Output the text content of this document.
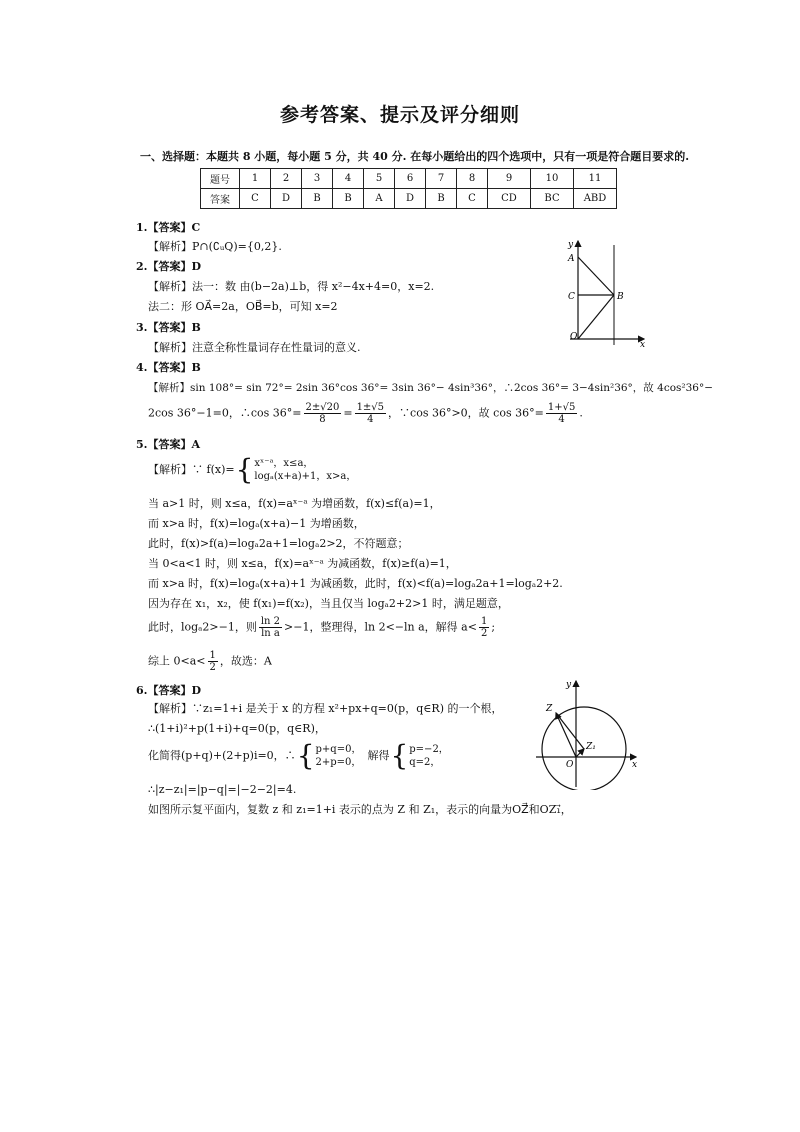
参考答案、提示及评分细则
一、选择题：本题共 8 小题，每小题 5 分，共 40 分. 在每小题给出的四个选项中，只有一项是符合题目要求的.
题号	1	2	3	4	5	6	7	8	9	10	11
答案	C	D	B	B	A	D	B	C	CD	BC	ABD
1.【答案】C
【解析】P∩(∁ᵤQ)={0,2}.
2.【答案】D
【解析】法一：数 由(b−2a)⊥b，得 x²−4x+4=0，x=2.
法二：形 OA⃗=2a，OB⃗=b，可知 x=2
3.【答案】B
【解析】注意全称性量词存在性量词的意义.
4.【答案】B
【解析】sin 108°= sin 72°= 2sin 36°cos 36°= 3sin 36°− 4sin³36°，∴2cos 36°= 3−4sin²36°，故 4cos²36°−
2cos 36°−1=0，∴cos $36^\circ= \frac{2\pm√20}{8} = \frac{1\pm√5}{4}$ ，∵cos 36°>0，故 $\cos 36^\circ= \frac{1+√5}{4}$ .
5.【答案】A
【解析】∵ f(x)={ xˣ⁻ᵃ，x≤a，
logₐ(x+a)+1，x>a，
当 a>1 时，则 x≤a，f(x)=aˣ⁻ᵃ 为增函数，f(x)≤f(a)=1，
而 x>a 时，f(x)=logₐ(x+a)−1 为增函数，
此时，f(x)>f(a)=logₐ2a+1=logₐ2>2，不符题意；
当 0<a<1 时，则 x≤a，f(x)=aˣ⁻ᵃ 为减函数，f(x)≥f(a)=1，
而 x>a 时，f(x)=logₐ(x+a)+1 为减函数，此时，f(x)<f(a)=logₐ2a+1=logₐ2+2.
因为存在 x₁，x₂，使 f(x₁)=f(x₂)，当且仅当 logₐ2+2>1 时，满足题意，
此时，logₐ2>−1，则 $\frac{\ln 2}{\text{ln a}} >-1$，整理得，ln 2<−ln a，解得 $a< \frac{1}{2}$ ;
综上 $0<a< \frac{1}{2}$ ，故选：A
6.【答案】D
【解析】∵z₁=1+i 是关于 x 的方程 x²+px+q=0(p，q∈R) 的一个根，
∴(1+i)²+p(1+i)+q=0(p，q∈R)，
化简得(p+q)+(2+p)i=0，∴{ p+q=0，
2+p=0，
解得{ p=−2，
q=2，
∴|z−z₁|=|p−q|=|−2−2|=4.
如图所示复平面内，复数 z 和 z₁=1+i 表示的点为 Z 和 Z₁，表示的向量为OZ⃗和OZ₁⃗，
y
A
C	B
O
x
y
Z
Z₁
O	x
